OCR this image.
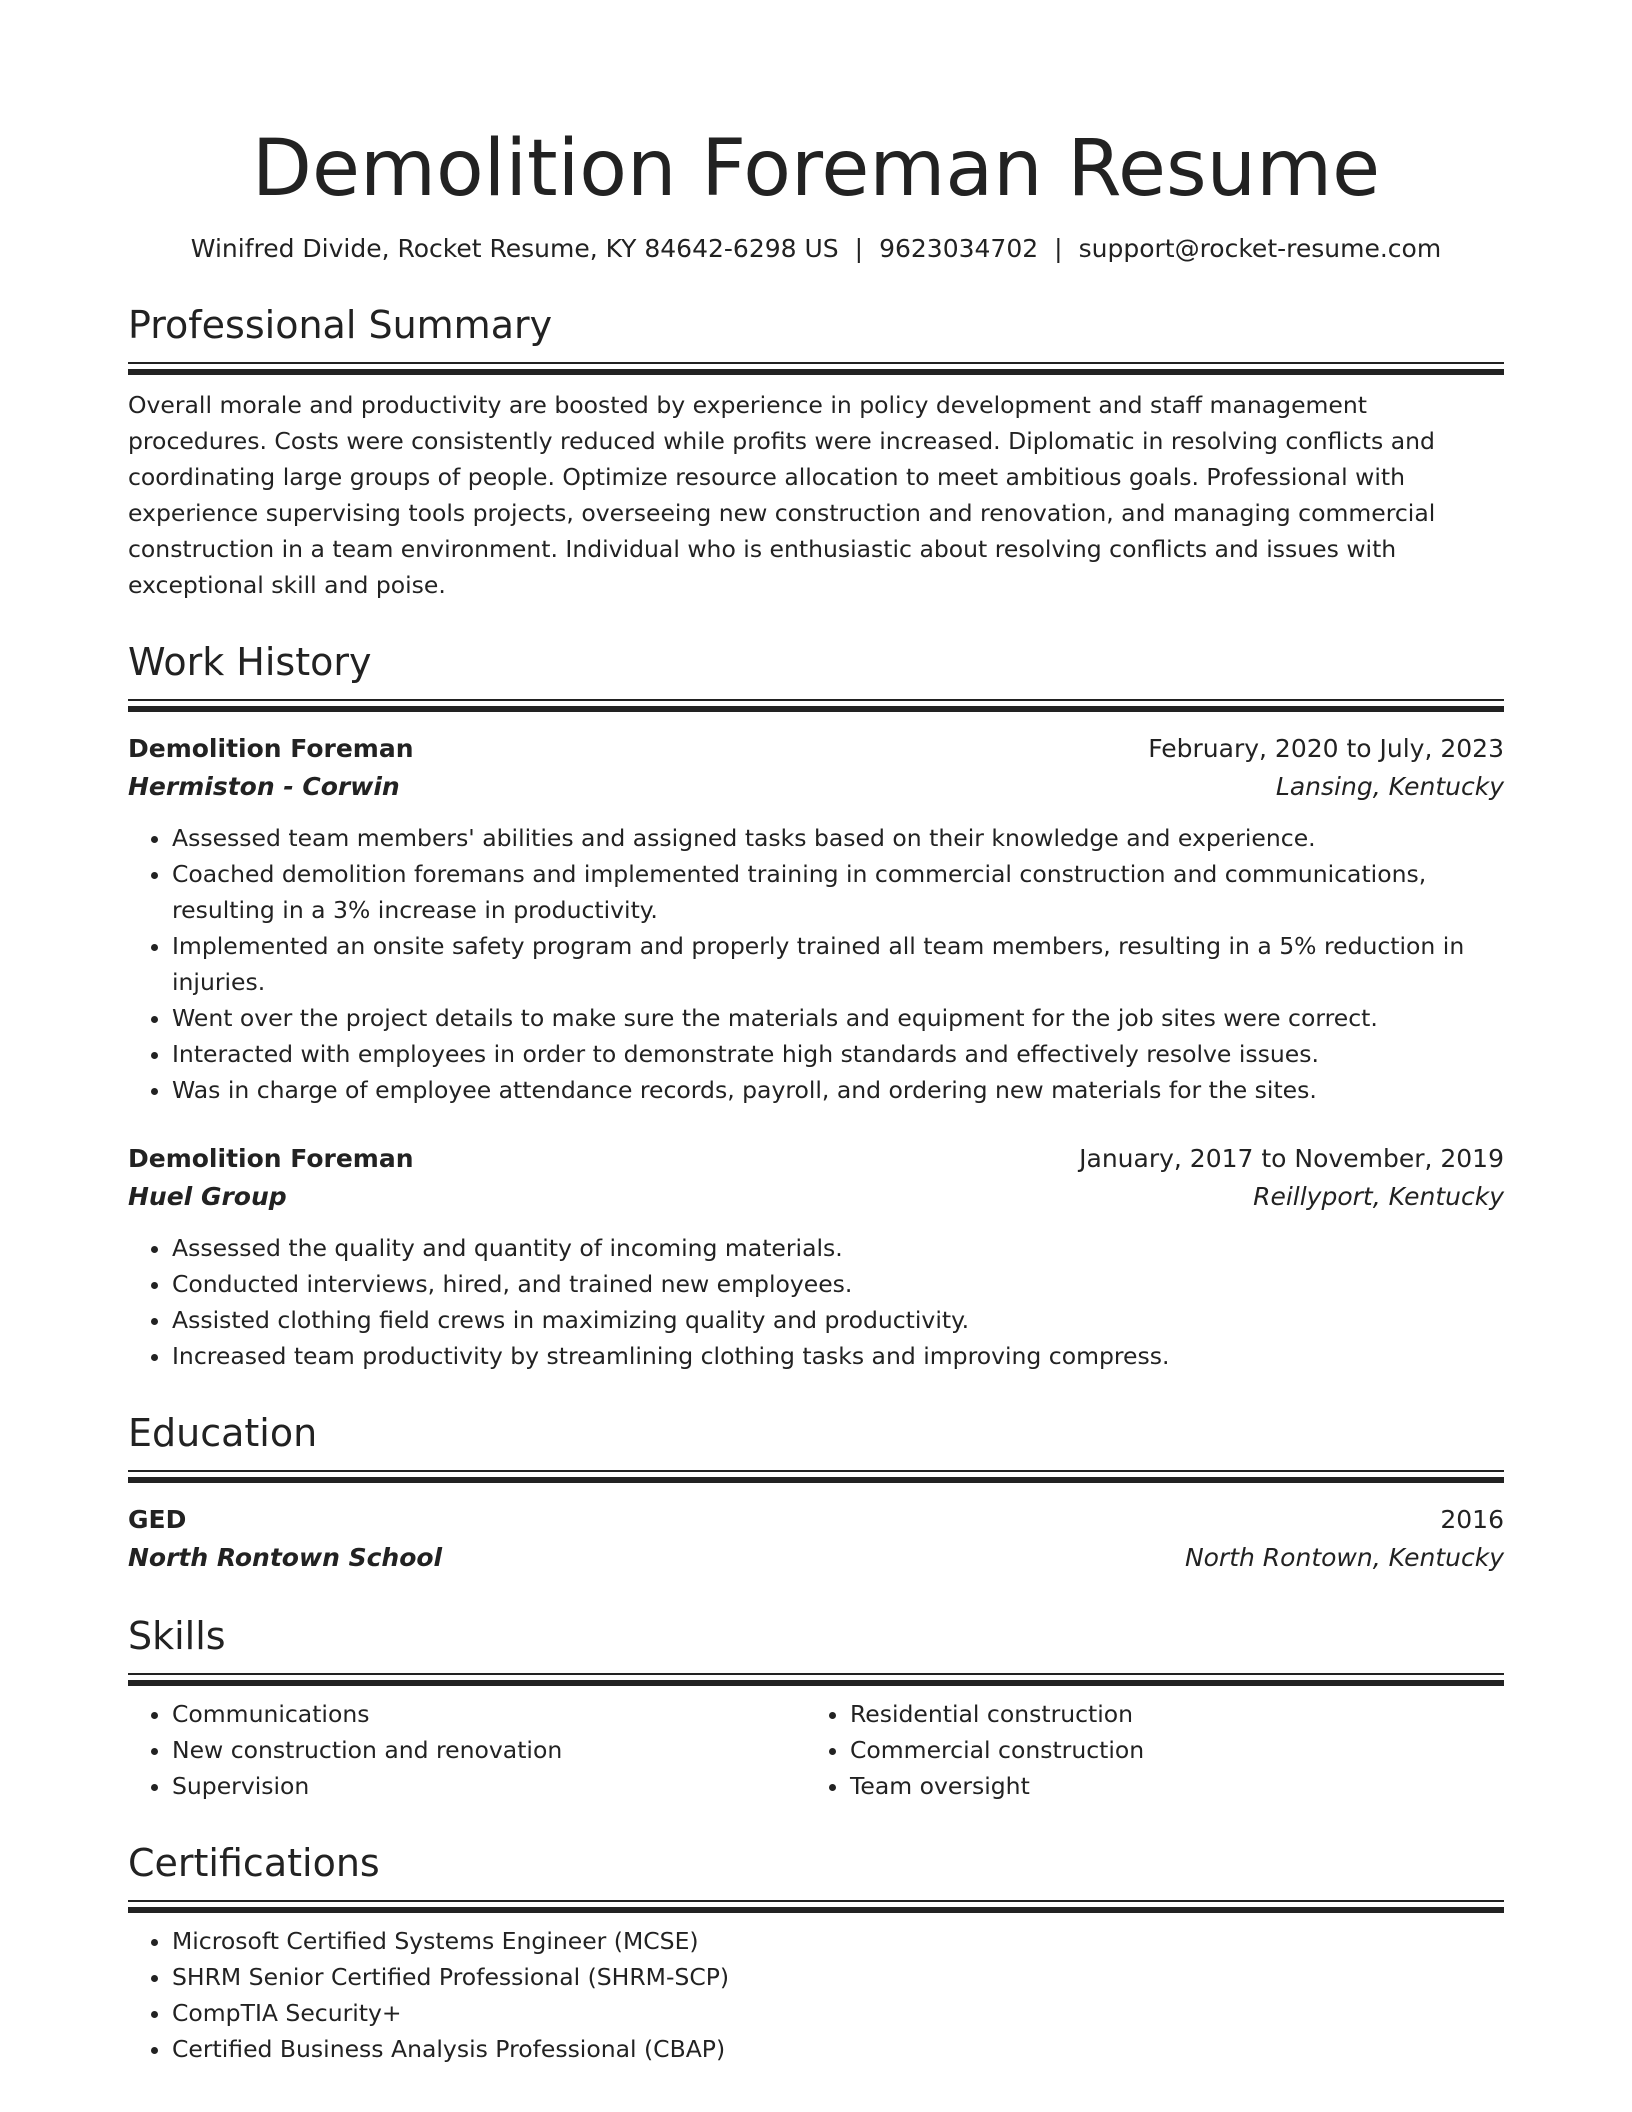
Demolition Foreman Resume
Winifred Divide, Rocket Resume, KY 84642-6298 US | 9623034702 | support@rocket-resume.com
Professional Summary
Overall morale and productivity are boosted by experience in policy development and staff management procedures. Costs were consistently reduced while profits were increased. Diplomatic in resolving conflicts and coordinating large groups of people. Optimize resource allocation to meet ambitious goals. Professional with experience supervising tools projects, overseeing new construction and renovation, and managing commercial construction in a team environment. Individual who is enthusiastic about resolving conflicts and issues with exceptional skill and poise.
Work History
Demolition Foreman	February, 2020 to July, 2023
Hermiston - Corwin	Lansing, Kentucky
• Assessed team members' abilities and assigned tasks based on their knowledge and experience.
• Coached demolition foremans and implemented training in commercial construction and communications, resulting in a 3% increase in productivity.
• Implemented an onsite safety program and properly trained all team members, resulting in a 5% reduction in injuries.
• Went over the project details to make sure the materials and equipment for the job sites were correct.
• Interacted with employees in order to demonstrate high standards and effectively resolve issues.
• Was in charge of employee attendance records, payroll, and ordering new materials for the sites.
Demolition Foreman	January, 2017 to November, 2019
Huel Group	Reillyport, Kentucky
• Assessed the quality and quantity of incoming materials.
• Conducted interviews, hired, and trained new employees.
• Assisted clothing field crews in maximizing quality and productivity.
• Increased team productivity by streamlining clothing tasks and improving compress.
Education
GED	2016
North Rontown School	North Rontown, Kentucky
Skills
• Communications
• New construction and renovation
• Supervision
• Residential construction
• Commercial construction
• Team oversight
Certifications
• Microsoft Certified Systems Engineer (MCSE)
• SHRM Senior Certified Professional (SHRM-SCP)
• CompTIA Security+
• Certified Business Analysis Professional (CBAP)
